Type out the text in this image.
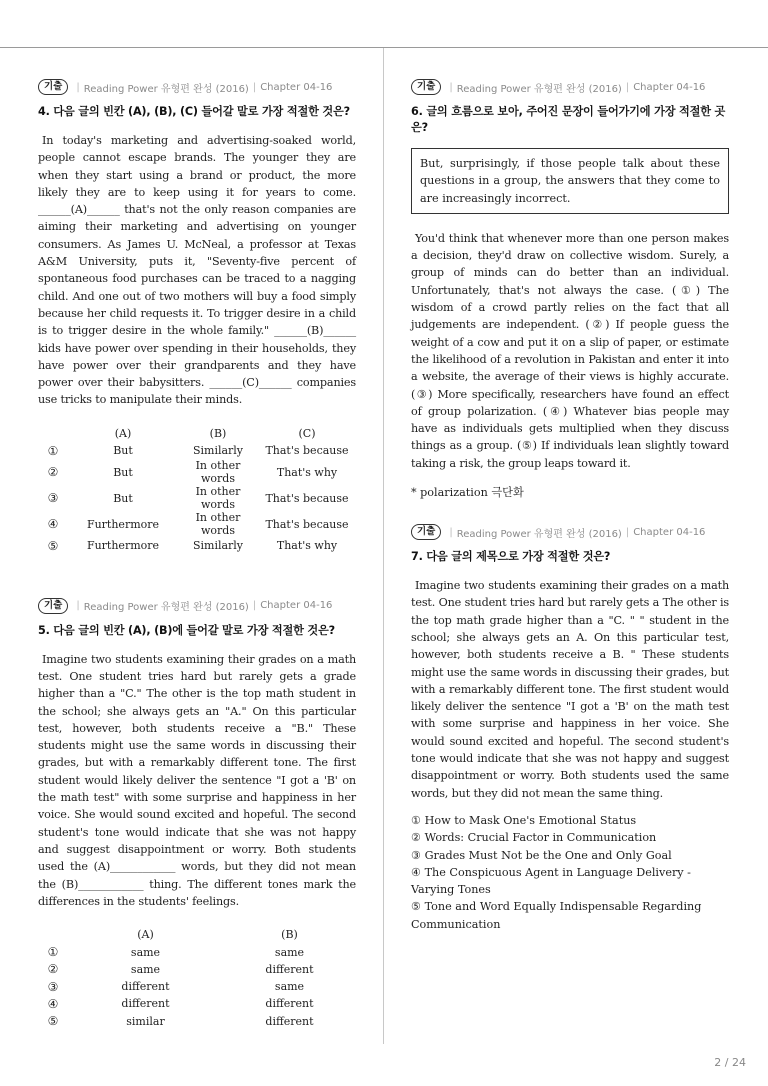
기출	| Reading Power 유형편 완성 (2016) | Chapter 04-16
4. 다음 글의 빈칸 (A), (B), (C) 들어갈 말로 가장 적절한 것은?

In today's marketing and advertising-soaked world, people cannot escape brands. The younger they are when they start using a brand or product, the more likely they are to keep using it for years to come. ______(A)______ that's not the only reason companies are aiming their marketing and advertising on younger consumers. As James U. McNeal, a professor at Texas A&M University, puts it, "Seventy-five percent of spontaneous food purchases can be traced to a nagging child. And one out of two mothers will buy a food simply because her child requests it. To trigger desire in a child is to trigger desire in the whole family." ______(B)______ kids have power over spending in their households, they have power over their grandparents and they have power over their babysitters. ______(C)______ companies use tricks to manipulate their minds.

	(A)	(B)	(C)
①	But	Similarly	That's because
②	But	In other words	That's why
③	But	In other words	That's because
④	Furthermore	In other words	That's because
⑤	Furthermore	Similarly	That's why
기출	| Reading Power 유형편 완성 (2016) | Chapter 04-16
5. 다음 글의 빈칸 (A), (B)에 들어갈 말로 가장 적절한 것은?

Imagine two students examining their grades on a math test. One student tries hard but rarely gets a grade higher than a "C." The other is the top math student in the school; she always gets an "A." On this particular test, however, both students receive a "B." These students might use the same words in discussing their grades, but with a remarkably different tone. The first student would likely deliver the sentence "I got a 'B' on the math test" with some surprise and happiness in her voice. She would sound excited and hopeful. The second student's tone would indicate that she was not happy and suggest disappointment or worry. Both students used the (A)____________ words, but they did not mean the (B)____________ thing. The different tones mark the differences in the students' feelings.

	(A)	(B)
①	same	same
②	same	different
③	different	same
④	different	different
⑤	similar	different
기출	| Reading Power 유형편 완성 (2016) | Chapter 04-16
6. 글의 흐름으로 보아, 주어진 문장이 들어가기에 가장 적절한 곳은?
But, surprisingly, if those people talk about these questions in a group, the answers that they come to are increasingly incorrect.

You'd think that whenever more than one person makes a decision, they'd draw on collective wisdom. Surely, a group of minds can do better than an individual. Unfortunately, that's not always the case. (①) The wisdom of a crowd partly relies on the fact that all judgements are independent. (②) If people guess the weight of a cow and put it on a slip of paper, or estimate the likelihood of a revolution in Pakistan and enter it into a website, the average of their views is highly accurate. (③) More specifically, researchers have found an effect of group polarization. (④) Whatever bias people may have as individuals gets multiplied when they discuss things as a group. (⑤) If individuals lean slightly toward taking a risk, the group leaps toward it.

* polarization 극단화
기출	| Reading Power 유형편 완성 (2016) | Chapter 04-16
7. 다음 글의 제목으로 가장 적절한 것은?

Imagine two students examining their grades on a math test. One student tries hard but rarely gets a The other is the top math grade higher than a "C. " " student in the school; she always gets an A. On this particular test, however, both students receive a B. " These students might use the same words in discussing their grades, but with a remarkably different tone. The first student would likely deliver the sentence "I got a 'B' on the math test with some surprise and happiness in her voice. She would sound excited and hopeful. The second student's tone would indicate that she was not happy and suggest disappointment or worry. Both students used the same words, but they did not mean the same thing.

① How to Mask One's Emotional Status
② Words: Crucial Factor in Communication
③ Grades Must Not be the One and Only Goal
④ The Conspicuous Agent in Language Delivery - Varying Tones
⑤ Tone and Word Equally Indispensable Regarding Communication
2 / 24
